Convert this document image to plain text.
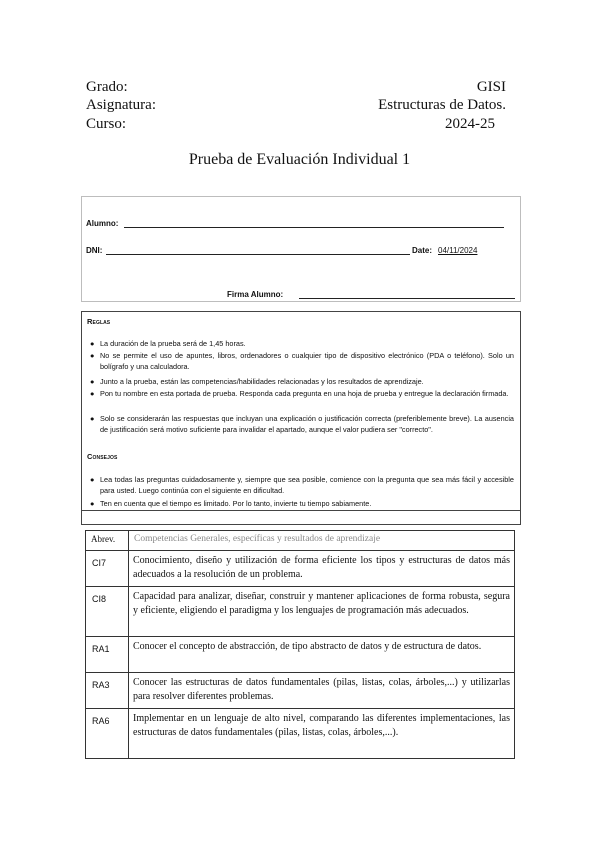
Grado:	GISI
Asignatura:	Estructuras de Datos.
Curso:	2024-25
Prueba de Evaluación Individual 1
Alumno:
DNI:	Date: 04/11/2024
Firma Alumno:
Reglas
● La duración de la prueba será de 1,45 horas.
● No se permite el uso de apuntes, libros, ordenadores o cualquier tipo de dispositivo electrónico (PDA o teléfono). Solo un bolígrafo y una calculadora.
● Junto a la prueba, están las competencias/habilidades relacionadas y los resultados de aprendizaje.
● Pon tu nombre en esta portada de prueba. Responda cada pregunta en una hoja de prueba y entregue la declaración firmada.
● Solo se considerarán las respuestas que incluyan una explicación o justificación correcta (preferiblemente breve). La ausencia de justificación será motivo suficiente para invalidar el apartado, aunque el valor pudiera ser "correcto".
Consejos
● Lea todas las preguntas cuidadosamente y, siempre que sea posible, comience con la pregunta que sea más fácil y accesible para usted. Luego continúa con el siguiente en dificultad.
● Ten en cuenta que el tiempo es limitado. Por lo tanto, invierte tu tiempo sabiamente.
Abrev.	Competencias Generales, específicas y resultados de aprendizaje
CI7	Conocimiento, diseño y utilización de forma eficiente los tipos y estructuras de datos más adecuados a la resolución de un problema.
CI8	Capacidad para analizar, diseñar, construir y mantener aplicaciones de forma robusta, segura y eficiente, eligiendo el paradigma y los lenguajes de programación más adecuados.
RA1	Conocer el concepto de abstracción, de tipo abstracto de datos y de estructura de datos.
RA3	Conocer las estructuras de datos fundamentales (pilas, listas, colas, árboles,...) y utilizarlas para resolver diferentes problemas.
RA6	Implementar en un lenguaje de alto nivel, comparando las diferentes implementaciones, las estructuras de datos fundamentales (pilas, listas, colas, árboles,...).
